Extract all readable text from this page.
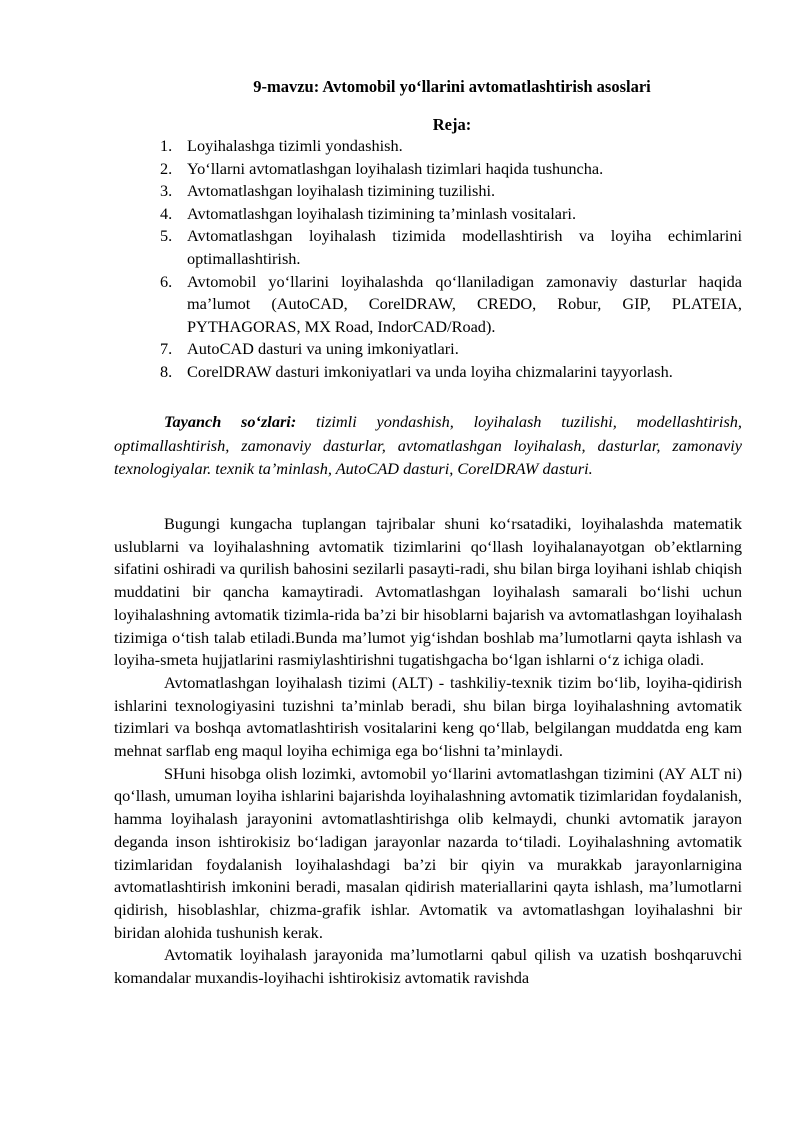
9-mavzu: Avtomobil yo‘llarini avtomatlashtirish asoslari
Reja:
1. Loyihalashga tizimli yondashish.
2. Yo‘llarni avtomatlashgan loyihalash tizimlari haqida tushuncha.
3. Avtomatlashgan loyihalash tizimining tuzilishi.
4. Avtomatlashgan loyihalash tizimining ta’minlash vositalari.
5. Avtomatlashgan loyihalash tizimida modellashtirish va loyiha echimlarini optimallashtirish.
6. Avtomobil yo‘llarini loyihalashda qo‘llaniladigan zamonaviy dasturlar haqida ma’lumot (AutoCAD, CorelDRAW, CREDO, Robur, GIP, PLATEIA, PYTHAGORAS, MX Road, IndorCAD/Road).
7. AutoCAD dasturi va uning imkoniyatlari.
8. CorelDRAW dasturi imkoniyatlari va unda loyiha chizmalarini tayyorlash.

Tayanch so‘zlari: tizimli yondashish, loyihalash tuzilishi, modellashtirish, optimallashtirish, zamonaviy dasturlar, avtomatlashgan loyihalash, dasturlar, zamonaviy texnologiyalar. texnik ta’minlash, AutoCAD dasturi, CorelDRAW dasturi.

Bugungi kungacha tuplangan tajribalar shuni ko‘rsatadiki, loyihalashda matematik uslublarni va loyihalashning avtomatik tizimlarini qo‘llash loyihalanayotgan ob’ektlarning sifatini oshiradi va qurilish bahosini sezilarli pasayti-radi, shu bilan birga loyihani ishlab chiqish muddatini bir qancha kamaytiradi. Avtomatlashgan loyihalash samarali bo‘lishi uchun loyihalashning avtomatik tizimla-rida ba’zi bir hisoblarni bajarish va avtomatlashgan loyihalash tizimiga o‘tish talab etiladi.Bunda ma’lumot yig‘ishdan boshlab ma’lumotlarni qayta ishlash va loyiha-smeta hujjatlarini rasmiylashtirishni tugatishgacha bo‘lgan ishlarni o‘z ichiga oladi.

Avtomatlashgan loyihalash tizimi (ALT) - tashkiliy-texnik tizim bo‘lib, loyiha-qidirish ishlarini texnologiyasini tuzishni ta’minlab beradi, shu bilan birga loyihalashning avtomatik tizimlari va boshqa avtomatlashtirish vositalarini keng qo‘llab, belgilangan muddatda eng kam mehnat sarflab eng maqul loyiha echimiga ega bo‘lishni ta’minlaydi.

SHuni hisobga olish lozimki, avtomobil yo‘llarini avtomatlashgan tizimini (AY ALT ni) qo‘llash, umuman loyiha ishlarini bajarishda loyihalashning avtomatik tizimlaridan foydalanish, hamma loyihalash jarayonini avtomatlashtirishga olib kelmaydi, chunki avtomatik jarayon deganda inson ishtirokisiz bo‘ladigan jarayonlar nazarda to‘tiladi. Loyihalashning avtomatik tizimlaridan foydalanish loyihalashdagi ba’zi bir qiyin va murakkab jarayonlarnigina avtomatlashtirish imkonini beradi, masalan qidirish materiallarini qayta ishlash, ma’lumotlarni qidirish, hisoblashlar, chizma-grafik ishlar. Avtomatik va avtomatlashgan loyihalashni bir biridan alohida tushunish kerak.

Avtomatik loyihalash jarayonida ma’lumotlarni qabul qilish va uzatish boshqaruvchi komandalar muxandis-loyihachi ishtirokisiz avtomatik ravishda
